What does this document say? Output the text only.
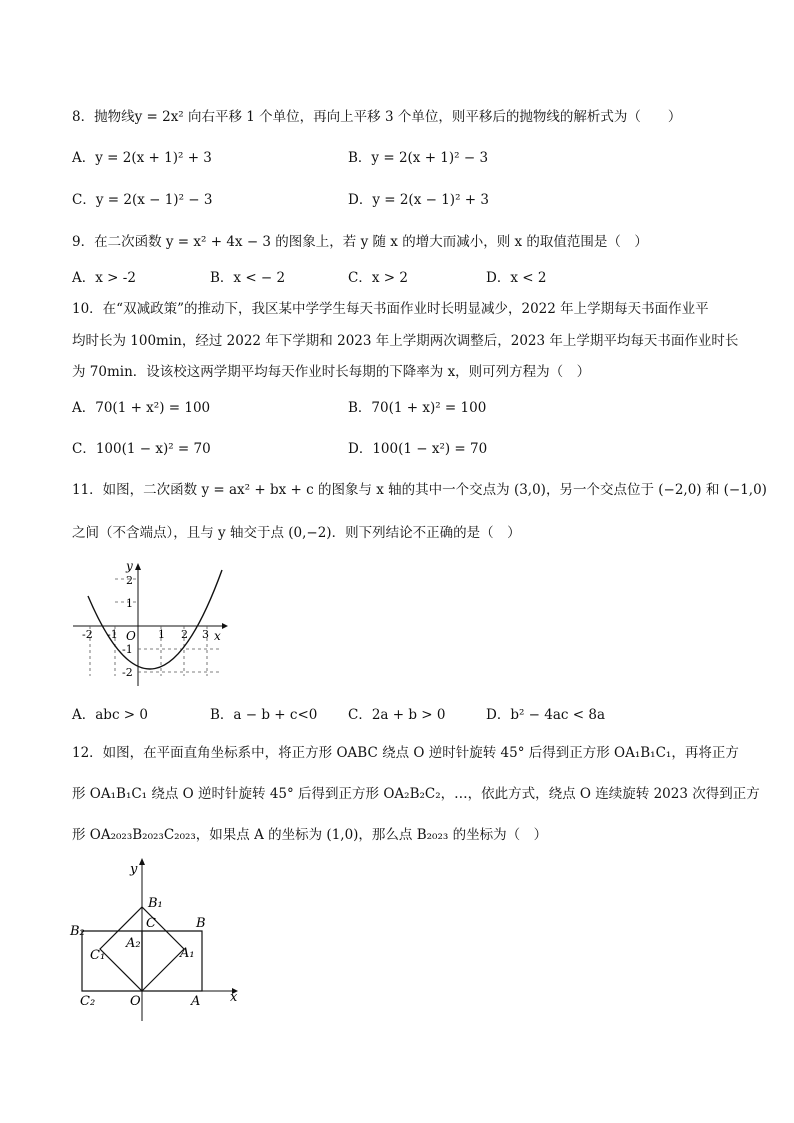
8．抛物线y = 2x² 向右平移 1 个单位，再向上平移 3 个单位，则平移后的抛物线的解析式为（　　）
A．y = 2(x + 1)² + 3	B．y = 2(x + 1)² − 3
C．y = 2(x − 1)² − 3	D．y = 2(x − 1)² + 3
9．在二次函数 y = x² + 4x − 3 的图象上，若 y 随 x 的增大而减小，则 x 的取值范围是（　）
A．x > -2	B．x < − 2	C．x > 2	D．x < 2
10．在“双减政策”的推动下，我区某中学学生每天书面作业时长明显减少，2022 年上学期每天书面作业平
均时长为 100min，经过 2022 年下学期和 2023 年上学期两次调整后，2023 年上学期平均每天书面作业时长
为 70min．设该校这两学期平均每天作业时长每期的下降率为 x，则可列方程为（　）
A．70(1 + x²) = 100	B．70(1 + x)² = 100
C．100(1 − x)² = 70	D．100(1 − x²) = 70
11．如图，二次函数 y = ax² + bx + c 的图象与 x 轴的其中一个交点为 (3,0)，另一个交点位于 (−2,0) 和 (−1,0)
之间（不含端点），且与 y 轴交于点 (0,−2)．则下列结论不正确的是（　）
y
x
O
-2 -1	1 2 3
2
1
-1
-2
A．abc > 0	B．a − b + c<0 C．2a + b > 0	D．b² − 4ac < 8a
12．如图，在平面直角坐标系中，将正方形 OABC 绕点 O 逆时针旋转 45° 后得到正方形 OA₁B₁C₁，再将正方
形 OA₁B₁C₁ 绕点 O 逆时针旋转 45° 后得到正方形 OA₂B₂C₂，…，依此方式，绕点 O 连续旋转 2023 次得到正方
形 OA₂₀₂₃B₂₀₂₃C₂₀₂₃，如果点 A 的坐标为 (1,0)，那么点 B₂₀₂₃ 的坐标为（　）
y
x
O	A
B
C
B₁
A₁
C₁
A₂
B₂
C₂
